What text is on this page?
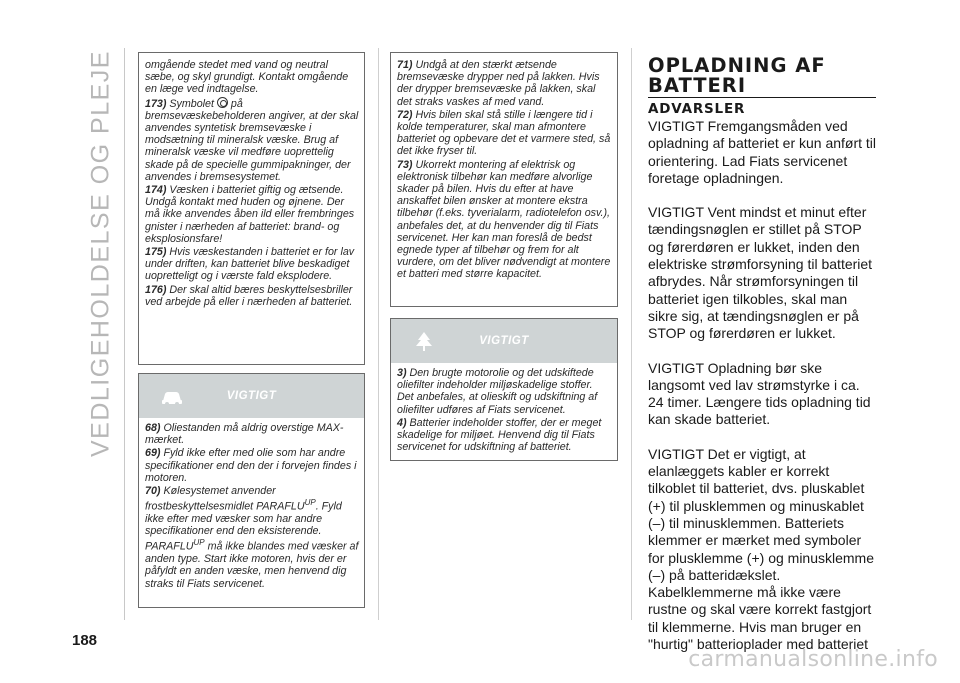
VEDLIGEHOLDELSE OG PLEJE
188

omgående stedet med vand og neutral sæbe, og skyl grundigt. Kontakt omgående en læge ved indtagelse.

173) Symbolet på bremsevæskebeholderen angiver, at der skal anvendes syntetisk bremsevæske i modsætning til mineralsk væske. Brug af mineralsk væske vil medføre uoprettelig skade på de specielle gummipakninger, der anvendes i bremsesystemet.

174) Væsken i batteriet giftig og ætsende. Undgå kontakt med huden og øjnene. Der må ikke anvendes åben ild eller frembringes gnister i nærheden af batteriet: brand- og eksplosionsfare!

175) Hvis væskestanden i batteriet er for lav under driften, kan batteriet blive beskadiget uopretteligt og i værste fald eksplodere.

176) Der skal altid bæres beskyttelsesbriller ved arbejde på eller i nærheden af batteriet.

VIGTIGT

68) Oliestanden må aldrig overstige MAX-mærket.

69) Fyld ikke efter med olie som har andre specifikationer end den der i forvejen findes i motoren.

70) Kølesystemet anvender frostbeskyttelsesmidlet $PARAFLU^{UP}$. Fyld ikke efter med væsker som har andre specifikationer end den eksisterende. $PARAFLU^{UP}$ må ikke blandes med væsker af anden type. Start ikke motoren, hvis der er påfyldt en anden væske, men henvend dig straks til Fiats servicenet.

71) Undgå at den stærkt ætsende bremsevæske drypper ned på lakken. Hvis der drypper bremsevæske på lakken, skal det straks vaskes af med vand.

72) Hvis bilen skal stå stille i længere tid i kolde temperaturer, skal man afmontere batteriet og opbevare det et varmere sted, så det ikke fryser til.

73) Ukorrekt montering af elektrisk og elektronisk tilbehør kan medføre alvorlige skader på bilen. Hvis du efter at have anskaffet bilen ønsker at montere ekstra tilbehør (f.eks. tyverialarm, radiotelefon osv.), anbefales det, at du henvender dig til Fiats servicenet. Her kan man foreslå de bedst egnede typer af tilbehør og frem for alt vurdere, om det bliver nødvendigt at montere et batteri med større kapacitet.

VIGTIGT

3) Den brugte motorolie og det udskiftede oliefilter indeholder miljøskadelige stoffer. Det anbefales, at olieskift og udskiftning af oliefilter udføres af Fiats servicenet.

4) Batterier indeholder stoffer, der er meget skadelige for miljøet. Henvend dig til Fiats servicenet for udskiftning af batteriet.

OPLADNING AF BATTERI
ADVARSLER

VIGTIGT Fremgangsmåden ved opladning af batteriet er kun anført til orientering. Lad Fiats servicenet foretage opladningen.

VIGTIGT Vent mindst et minut efter tændingsnøglen er stillet på STOP og førerdøren er lukket, inden den elektriske strømforsyning til batteriet afbrydes. Når strømforsyningen til batteriet igen tilkobles, skal man sikre sig, at tændingsnøglen er på STOP og førerdøren er lukket.

VIGTIGT Opladning bør ske langsomt ved lav strømstyrke i ca. 24 timer. Længere tids opladning tid kan skade batteriet.

VIGTIGT Det er vigtigt, at elanlæggets kabler er korrekt tilkoblet til batteriet, dvs. pluskablet (+) til plusklemmen og minuskablet (–) til minusklemmen. Batteriets klemmer er mærket med symboler for plusklemme (+) og minusklemme (–) på batteridækslet. Kabelklemmerne må ikke være rustne og skal være korrekt fastgjort til klemmerne. Hvis man bruger en "hurtig" batterioplader med batteriet

carmanualsonline.info
